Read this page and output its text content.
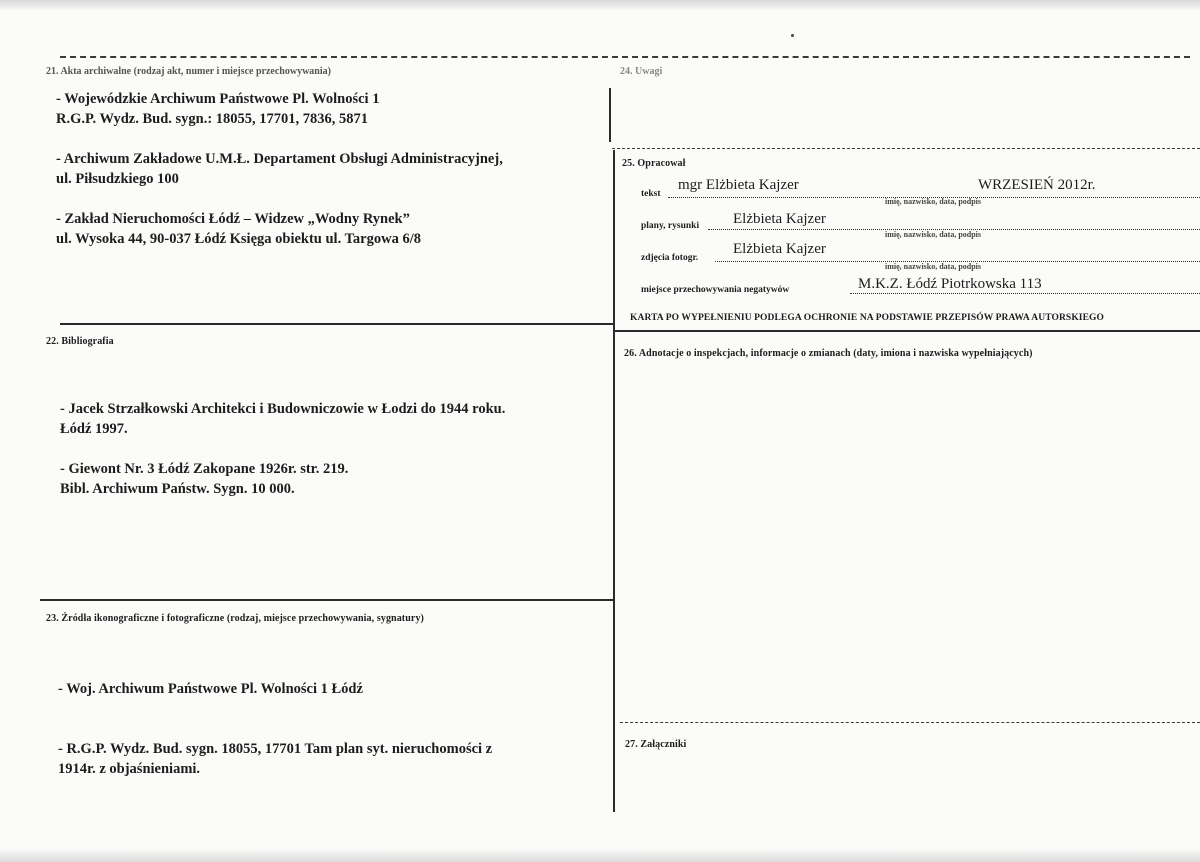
21. Akta archiwalne (rodzaj akt, numer i miejsce przechowywania)
- Wojewódzkie Archiwum Państwowe Pl. Wolności 1
R.G.P. Wydz. Bud. sygn.: 18055, 17701, 7836, 5871
- Archiwum Zakładowe U.M.Ł. Departament Obsługi Administracyjnej,
ul. Piłsudzkiego 100
- Zakład Nieruchomości Łódź – Widzew „Wodny Rynek”
ul. Wysoka 44, 90-037 Łódź Księga obiektu ul. Targowa 6/8
22. Bibliografia
- Jacek Strzałkowski Architekci i Budowniczowie w Łodzi do 1944 roku.
Łódź 1997.
- Giewont Nr. 3 Łódź Zakopane 1926r. str. 219.
Bibl. Archiwum Państw. Sygn. 10 000.
23. Źródła ikonograficzne i fotograficzne (rodzaj, miejsce przechowywania, sygnatury)
- Woj. Archiwum Państwowe Pl. Wolności 1 Łódź
- R.G.P. Wydz. Bud. sygn. 18055, 17701 Tam plan syt. nieruchomości z
1914r. z objaśnieniami.
24. Uwagi
25. Opracował
tekst
mgr Elżbieta Kajzer	WRZESIEŃ 2012r.
imię, nazwisko, data, podpis
plany, rysunki Elżbieta Kajzer
imię, nazwisko, data, podpis
zdjęcia fotogr.
Elżbieta Kajzer
imię, nazwisko, data, podpis
miejsce przechowywania negatywów	M.K.Z. Łódź Piotrkowska 113
KARTA PO WYPEŁNIENIU PODLEGA OCHRONIE NA PODSTAWIE PRZEPISÓW PRAWA AUTORSKIEGO
26. Adnotacje o inspekcjach, informacje o zmianach (daty, imiona i nazwiska wypełniających)
27. Załączniki
